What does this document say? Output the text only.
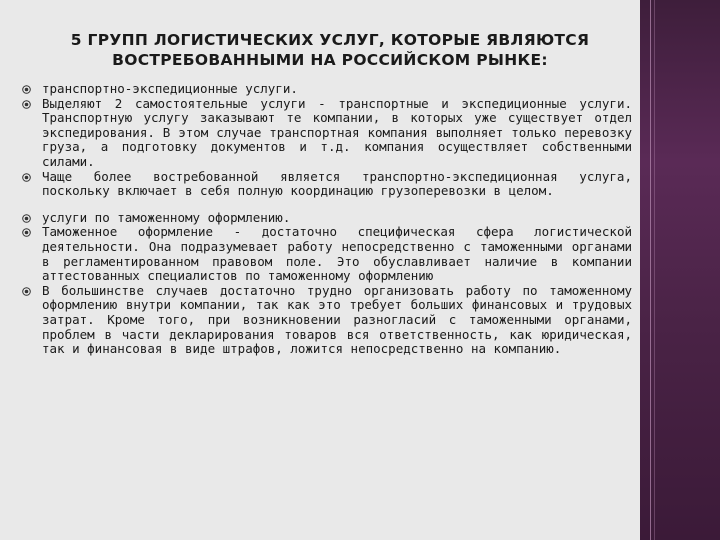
5 ГРУПП ЛОГИСТИЧЕСКИХ УСЛУГ, КОТОРЫЕ ЯВЛЯЮТСЯ ВОСТРЕБОВАННЫМИ НА РОССИЙСКОМ РЫНКЕ:
транспортно-экспедиционные услуги.
Выделяют 2 самостоятельные услуги - транспортные и экспедиционные услуги. Транспортную услугу заказывают те компании, в которых уже существует отдел экспедирования. В этом случае транспортная компания выполняет только перевозку груза, а подготовку документов и т.д. компания осуществляет собственными силами.
Чаще более востребованной является транспортно-экспедиционная услуга, поскольку включает в себя полную координацию грузоперевозки в целом.
услуги по таможенному оформлению.
Таможенное оформление - достаточно специфическая сфера логистической деятельности. Она подразумевает работу непосредственно с таможенными органами в регламентированном правовом поле. Это обуславливает наличие в компании аттестованных специалистов по таможенному оформлению
В большинстве случаев достаточно трудно организовать работу по таможенному оформлению внутри компании, так как это требует больших финансовых и трудовых затрат. Кроме того, при возникновении разногласий с таможенными органами, проблем в части декларирования товаров вся ответственность, как юридическая, так и финансовая в виде штрафов, ложится непосредственно на компанию.
